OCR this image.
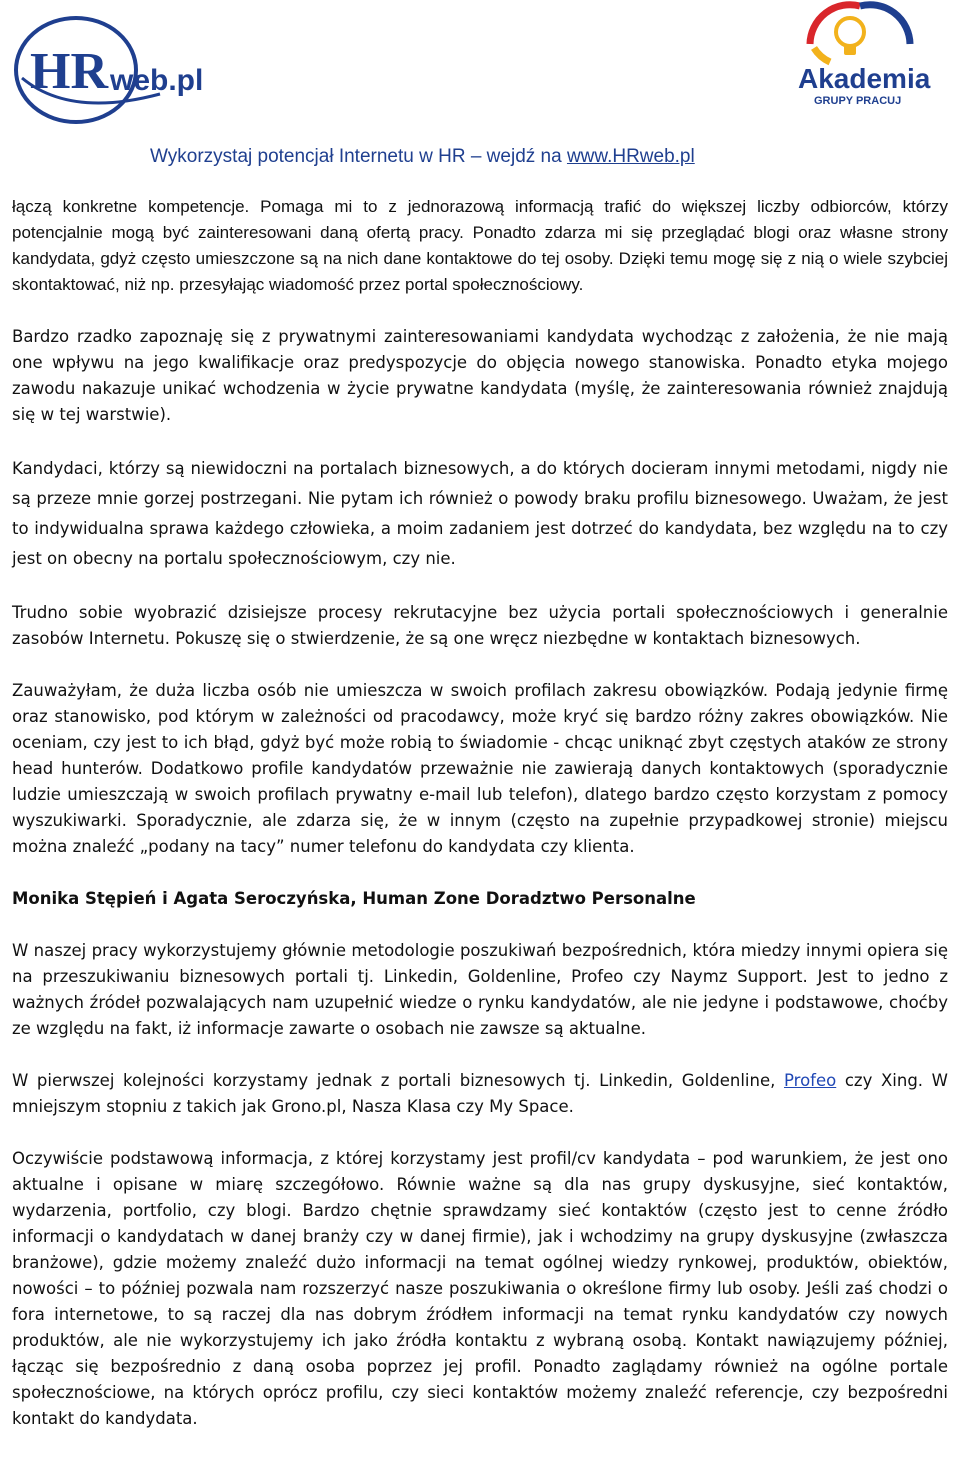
HR web.pl	Akademia
GRUPY PRACUJ
Wykorzystaj potencjał Internetu w HR – wejdź na www.HRweb.pl

łączą konkretne kompetencje. Pomaga mi to z jednorazową informacją trafić do większej liczby odbiorców, którzy potencjalnie mogą być zainteresowani daną ofertą pracy. Ponadto zdarza mi się przeglądać blogi oraz własne strony kandydata, gdyż często umieszczone są na nich dane kontaktowe do tej osoby. Dzięki temu mogę się z nią o wiele szybciej skontaktować, niż np. przesyłając wiadomość przez portal społecznościowy.

Bardzo rzadko zapoznaję się z prywatnymi zainteresowaniami kandydata wychodząc z założenia, że nie mają one wpływu na jego kwalifikacje oraz predyspozycje do objęcia nowego stanowiska. Ponadto etyka mojego zawodu nakazuje unikać wchodzenia w życie prywatne kandydata (myślę, że zainteresowania również znajdują się w tej warstwie).

Kandydaci, którzy są niewidoczni na portalach biznesowych, a do których docieram innymi metodami, nigdy nie są przeze mnie gorzej postrzegani. Nie pytam ich również o powody braku profilu biznesowego. Uważam, że jest to indywidualna sprawa każdego człowieka, a moim zadaniem jest dotrzeć do kandydata, bez względu na to czy jest on obecny na portalu społecznościowym, czy nie.

Trudno sobie wyobrazić dzisiejsze procesy rekrutacyjne bez użycia portali społecznościowych i generalnie zasobów Internetu. Pokuszę się o stwierdzenie, że są one wręcz niezbędne w kontaktach biznesowych.

Zauważyłam, że duża liczba osób nie umieszcza w swoich profilach zakresu obowiązków. Podają jedynie firmę oraz stanowisko, pod którym w zależności od pracodawcy, może kryć się bardzo różny zakres obowiązków. Nie oceniam, czy jest to ich błąd, gdyż być może robią to świadomie - chcąc uniknąć zbyt częstych ataków ze strony head hunterów. Dodatkowo profile kandydatów przeważnie nie zawierają danych kontaktowych (sporadycznie ludzie umieszczają w swoich profilach prywatny e-mail lub telefon), dlatego bardzo często korzystam z pomocy wyszukiwarki. Sporadycznie, ale zdarza się, że w innym (często na zupełnie przypadkowej stronie) miejscu można znaleźć „podany na tacy” numer telefonu do kandydata czy klienta.

Monika Stępień i Agata Seroczyńska, Human Zone Doradztwo Personalne

W naszej pracy wykorzystujemy głównie metodologie poszukiwań bezpośrednich, która miedzy innymi opiera się na przeszukiwaniu biznesowych portali tj. Linkedin, Goldenline, Profeo czy Naymz Support. Jest to jedno z ważnych źródeł pozwalających nam uzupełnić wiedze o rynku kandydatów, ale nie jedyne i podstawowe, choćby ze względu na fakt, iż informacje zawarte o osobach nie zawsze są aktualne.

W pierwszej kolejności korzystamy jednak z portali biznesowych tj. Linkedin, Goldenline, Profeo czy Xing. W mniejszym stopniu z takich jak Grono.pl, Nasza Klasa czy My Space.

Oczywiście podstawową informacja, z której korzystamy jest profil/cv kandydata – pod warunkiem, że jest ono aktualne i opisane w miarę szczegółowo. Równie ważne są dla nas grupy dyskusyjne, sieć kontaktów, wydarzenia, portfolio, czy blogi. Bardzo chętnie sprawdzamy sieć kontaktów (często jest to cenne źródło informacji o kandydatach w danej branży czy w danej firmie), jak i wchodzimy na grupy dyskusyjne (zwłaszcza branżowe), gdzie możemy znaleźć dużo informacji na temat ogólnej wiedzy rynkowej, produktów, obiektów, nowości – to później pozwala nam rozszerzyć nasze poszukiwania o określone firmy lub osoby. Jeśli zaś chodzi o fora internetowe, to są raczej dla nas dobrym źródłem informacji na temat rynku kandydatów czy nowych produktów, ale nie wykorzystujemy ich jako źródła kontaktu z wybraną osobą. Kontakt nawiązujemy później, łącząc się bezpośrednio z daną osoba poprzez jej profil. Ponadto zaglądamy również na ogólne portale społecznościowe, na których oprócz profilu, czy sieci kontaktów możemy znaleźć referencje, czy bezpośredni kontakt do kandydata.
